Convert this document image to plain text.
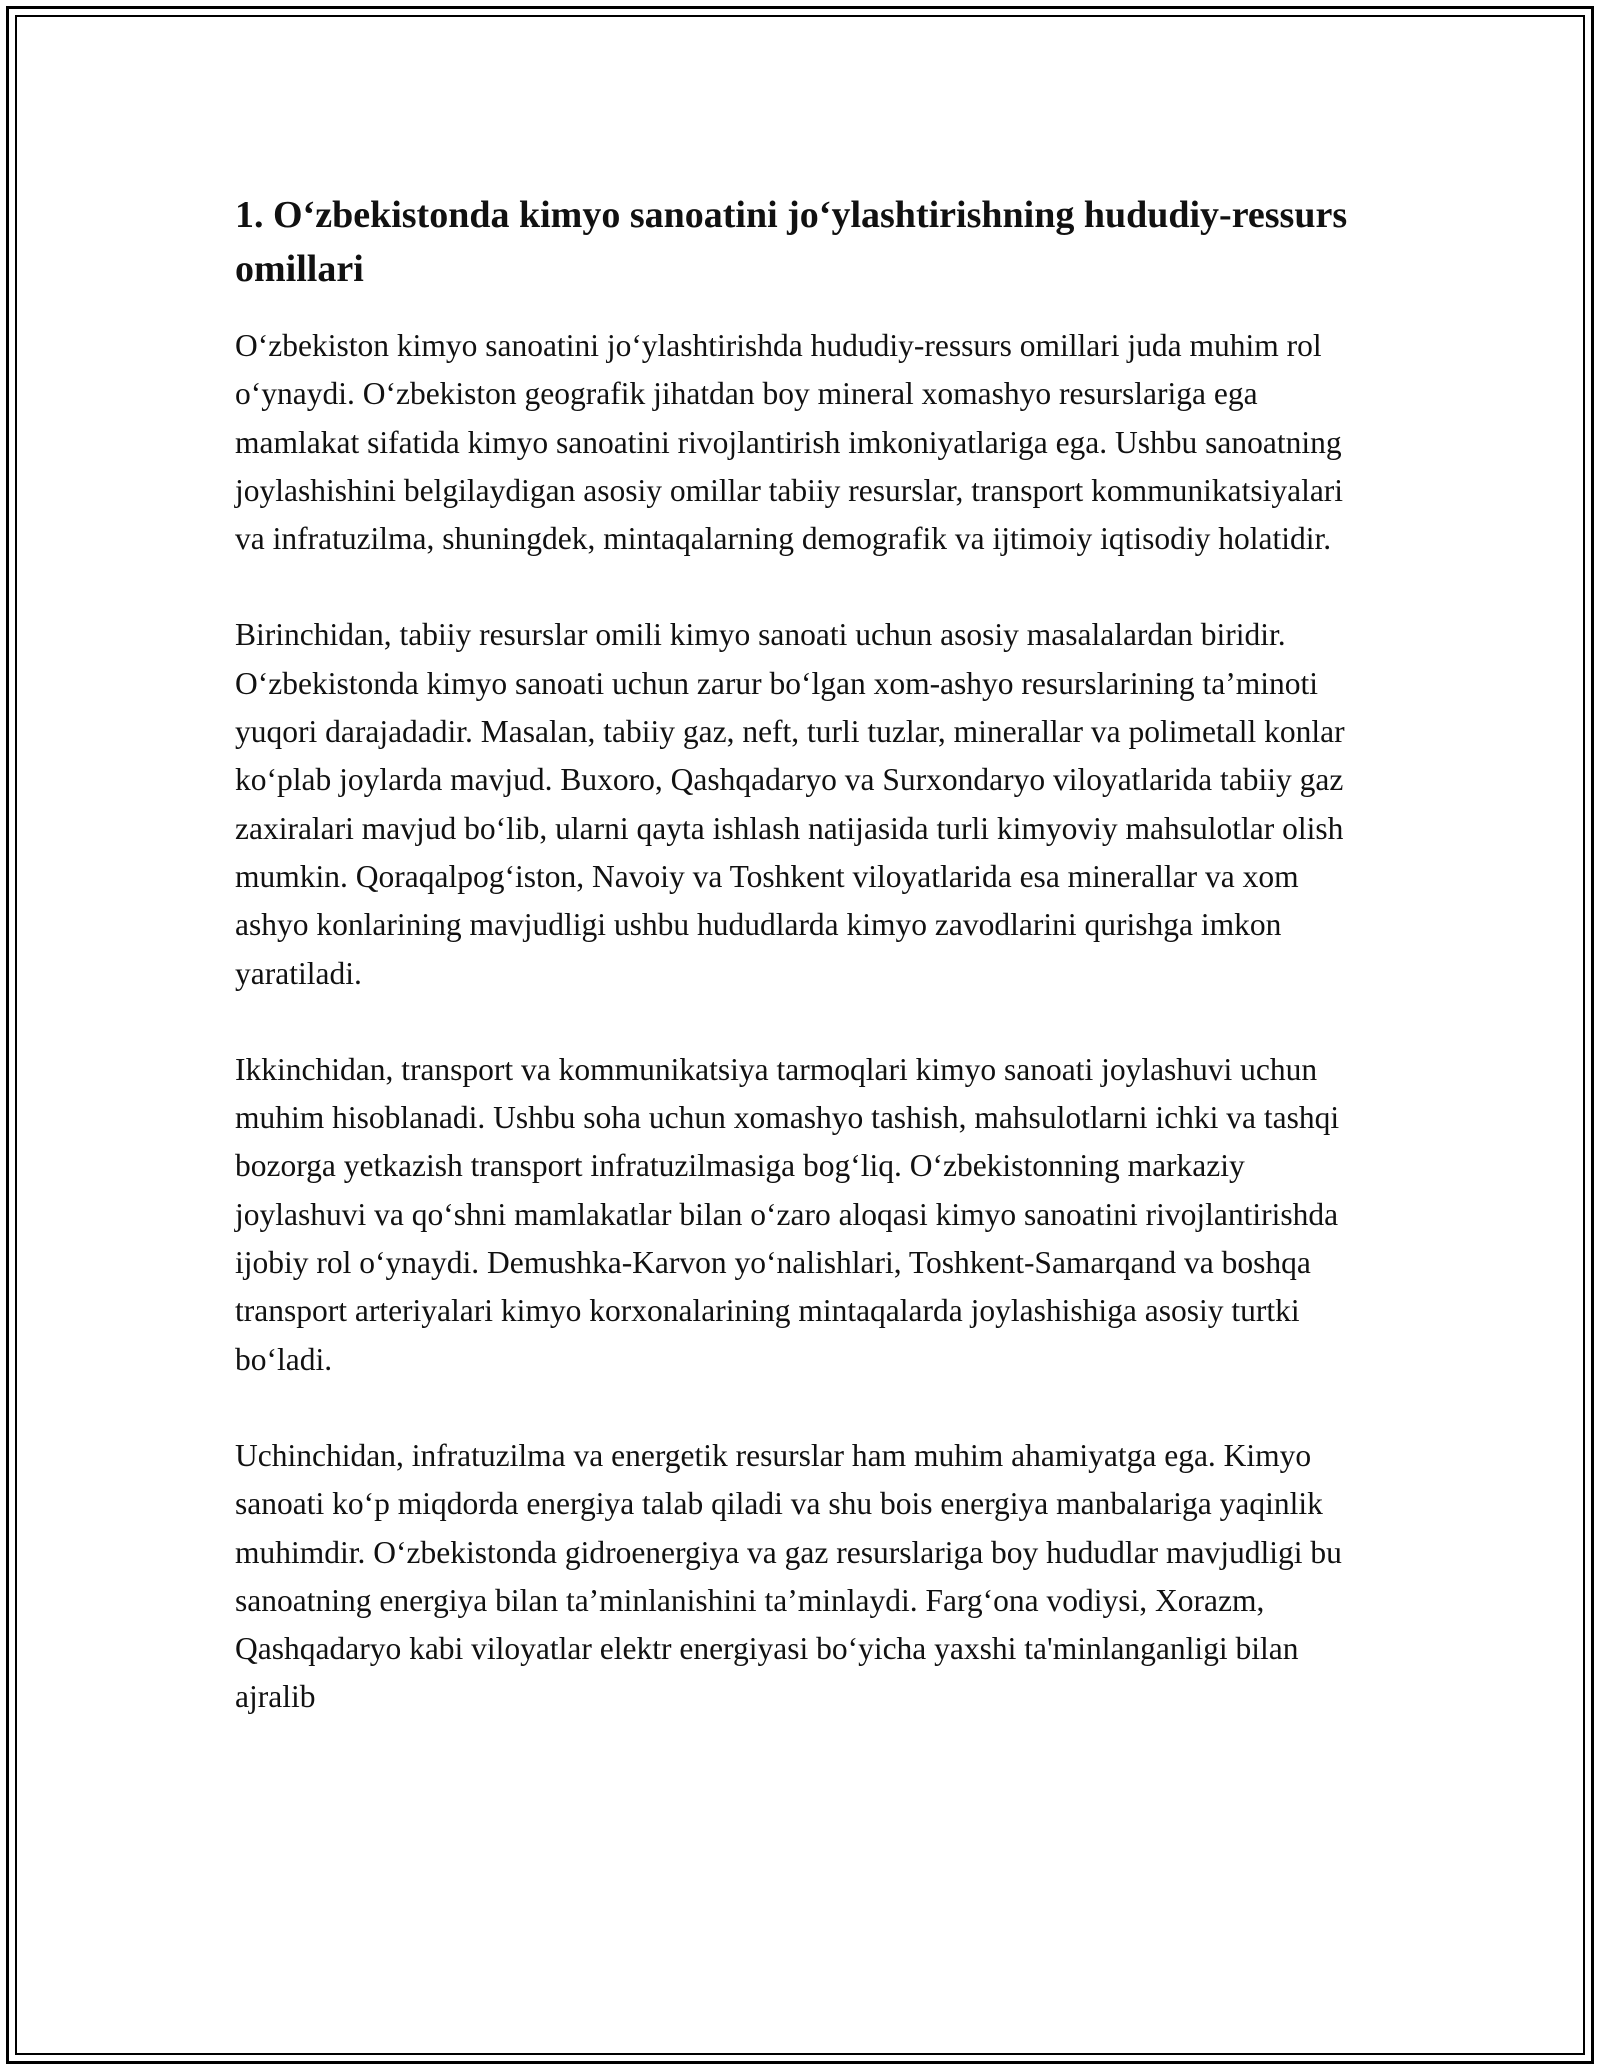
1. O‘zbekistonda kimyo sanoatini jo‘ylashtirishning hududiy-ressurs omillari

O‘zbekiston kimyo sanoatini jo‘ylashtirishda hududiy-ressurs omillari juda muhim rol o‘ynaydi. O‘zbekiston geografik jihatdan boy mineral xomashyo resurslariga ega mamlakat sifatida kimyo sanoatini rivojlantirish imkoniyatlariga ega. Ushbu sanoatning joylashishini belgilaydigan asosiy omillar tabiiy resurslar, transport kommunikatsiyalari va infratuzilma, shuningdek, mintaqalarning demografik va ijtimoiy iqtisodiy holatidir.

Birinchidan, tabiiy resurslar omili kimyo sanoati uchun asosiy masalalardan biridir. O‘zbekistonda kimyo sanoati uchun zarur bo‘lgan xom-ashyo resurslarining ta’minoti yuqori darajadadir. Masalan, tabiiy gaz, neft, turli tuzlar, minerallar va polimetall konlar ko‘plab joylarda mavjud. Buxoro, Qashqadaryo va Surxondaryo viloyatlarida tabiiy gaz zaxiralari mavjud bo‘lib, ularni qayta ishlash natijasida turli kimyoviy mahsulotlar olish mumkin. Qoraqalpog‘iston, Navoiy va Toshkent viloyatlarida esa minerallar va xom ashyo konlarining mavjudligi ushbu hududlarda kimyo zavodlarini qurishga imkon yaratiladi.

Ikkinchidan, transport va kommunikatsiya tarmoqlari kimyo sanoati joylashuvi uchun muhim hisoblanadi. Ushbu soha uchun xomashyo tashish, mahsulotlarni ichki va tashqi bozorga yetkazish transport infratuzilmasiga bog‘liq. O‘zbekistonning markaziy joylashuvi va qo‘shni mamlakatlar bilan o‘zaro aloqasi kimyo sanoatini rivojlantirishda ijobiy rol o‘ynaydi. Demushka-Karvon yo‘nalishlari, Toshkent-Samarqand va boshqa transport arteriyalari kimyo korxonalarining mintaqalarda joylashishiga asosiy turtki bo‘ladi.

Uchinchidan, infratuzilma va energetik resurslar ham muhim ahamiyatga ega. Kimyo sanoati ko‘p miqdorda energiya talab qiladi va shu bois energiya manbalariga yaqinlik muhimdir. O‘zbekistonda gidroenergiya va gaz resurslariga boy hududlar mavjudligi bu sanoatning energiya bilan ta’minlanishini ta’minlaydi. Farg‘ona vodiysi, Xorazm, Qashqadaryo kabi viloyatlar elektr energiyasi bo‘yicha yaxshi ta'minlanganligi bilan ajralib
